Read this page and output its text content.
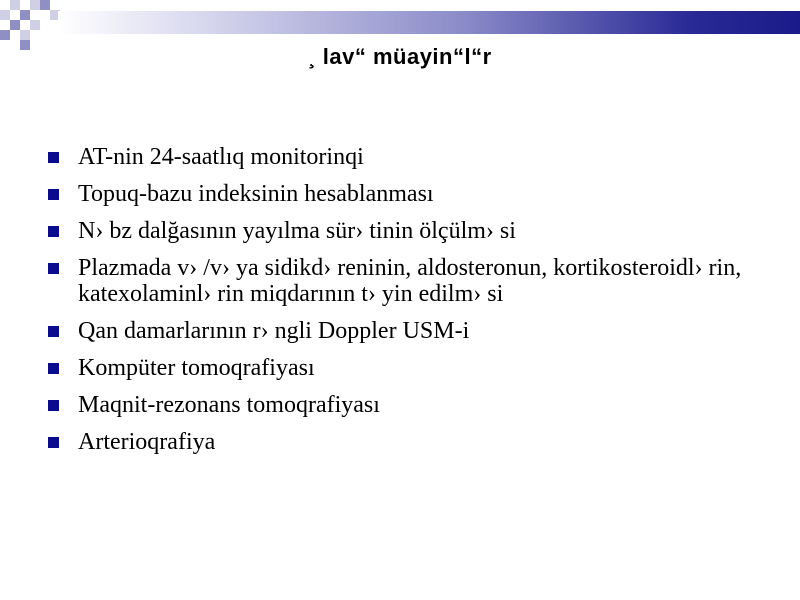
¸ lav“ müayin“l“r
AT-nin 24-saatlıq monitorinqi
Topuq-bazu indeksinin hesablanması
N› bz dalğasının yayılma sür› tinin ölçülm› si
Plazmada v› /v› ya sidikd› reninin, aldosteronun, kortikosteroidl› rin, katexolaminl› rin miqdarının t› yin edilm› si
Qan damarlarının r› ngli Doppler USM-i
Kompüter tomoqrafiyası
Maqnit-rezonans tomoqrafiyası
Arterioqrafiya
